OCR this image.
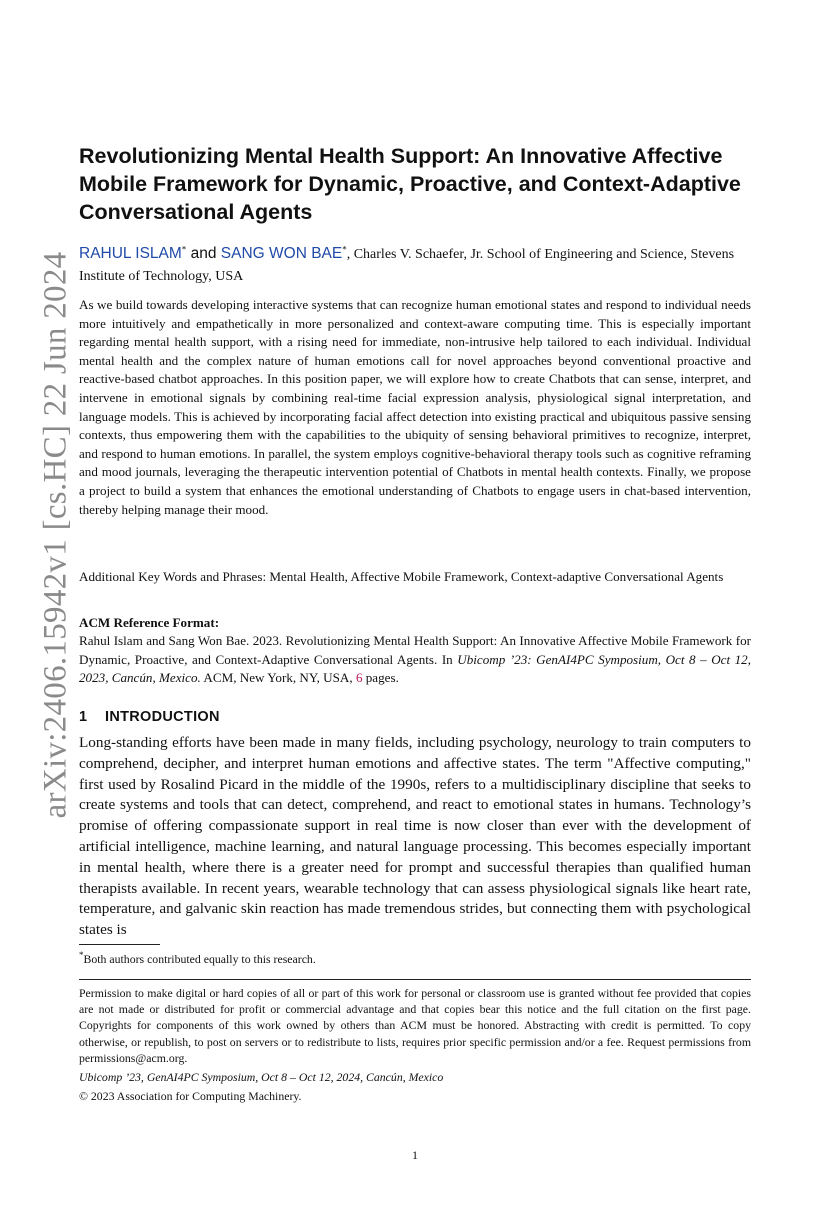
arXiv:2406.15942v1 [cs.HC] 22 Jun 2024
Revolutionizing Mental Health Support: An Innovative Affective Mobile Framework for Dynamic, Proactive, and Context-Adaptive Conversational Agents
RAHUL ISLAM* and SANG WON BAE*, Charles V. Schaefer, Jr. School of Engineering and Science, Stevens Institute of Technology, USA

As we build towards developing interactive systems that can recognize human emotional states and respond to individual needs more intuitively and empathetically in more personalized and context-aware computing time. This is especially important regarding mental health support, with a rising need for immediate, non-intrusive help tailored to each individual. Individual mental health and the complex nature of human emotions call for novel approaches beyond conventional proactive and reactive-based chatbot approaches. In this position paper, we will explore how to create Chatbots that can sense, interpret, and intervene in emotional signals by combining real-time facial expression analysis, physiological signal interpretation, and language models. This is achieved by incorporating facial affect detection into existing practical and ubiquitous passive sensing contexts, thus empowering them with the capabilities to the ubiquity of sensing behavioral primitives to recognize, interpret, and respond to human emotions. In parallel, the system employs cognitive-behavioral therapy tools such as cognitive reframing and mood journals, leveraging the therapeutic intervention potential of Chatbots in mental health contexts. Finally, we propose a project to build a system that enhances the emotional understanding of Chatbots to engage users in chat-based intervention, thereby helping manage their mood.

Additional Key Words and Phrases: Mental Health, Affective Mobile Framework, Context-adaptive Conversational Agents

ACM Reference Format:

Rahul Islam and Sang Won Bae. 2023. Revolutionizing Mental Health Support: An Innovative Affective Mobile Framework for Dynamic, Proactive, and Context-Adaptive Conversational Agents. In Ubicomp ’23: GenAI4PC Symposium, Oct 8 – Oct 12, 2023, Cancún, Mexico. ACM, New York, NY, USA, 6 pages.

1 INTRODUCTION

Long-standing efforts have been made in many fields, including psychology, neurology to train computers to comprehend, decipher, and interpret human emotions and affective states. The term "Affective computing," first used by Rosalind Picard in the middle of the 1990s, refers to a multidisciplinary discipline that seeks to create systems and tools that can detect, comprehend, and react to emotional states in humans. Technology’s promise of offering compassionate support in real time is now closer than ever with the development of artificial intelligence, machine learning, and natural language processing. This becomes especially important in mental health, where there is a greater need for prompt and successful therapies than qualified human therapists available. In recent years, wearable technology that can assess physiological signals like heart rate, temperature, and galvanic skin reaction has made tremendous strides, but connecting them with psychological states is

*Both authors contributed equally to this research.

Permission to make digital or hard copies of all or part of this work for personal or classroom use is granted without fee provided that copies are not made or distributed for profit or commercial advantage and that copies bear this notice and the full citation on the first page. Copyrights for components of this work owned by others than ACM must be honored. Abstracting with credit is permitted. To copy otherwise, or republish, to post on servers or to redistribute to lists, requires prior specific permission and/or a fee. Request permissions from permissions@acm.org.

Ubicomp ’23, GenAI4PC Symposium, Oct 8 – Oct 12, 2024, Cancún, Mexico

© 2023 Association for Computing Machinery.

1
